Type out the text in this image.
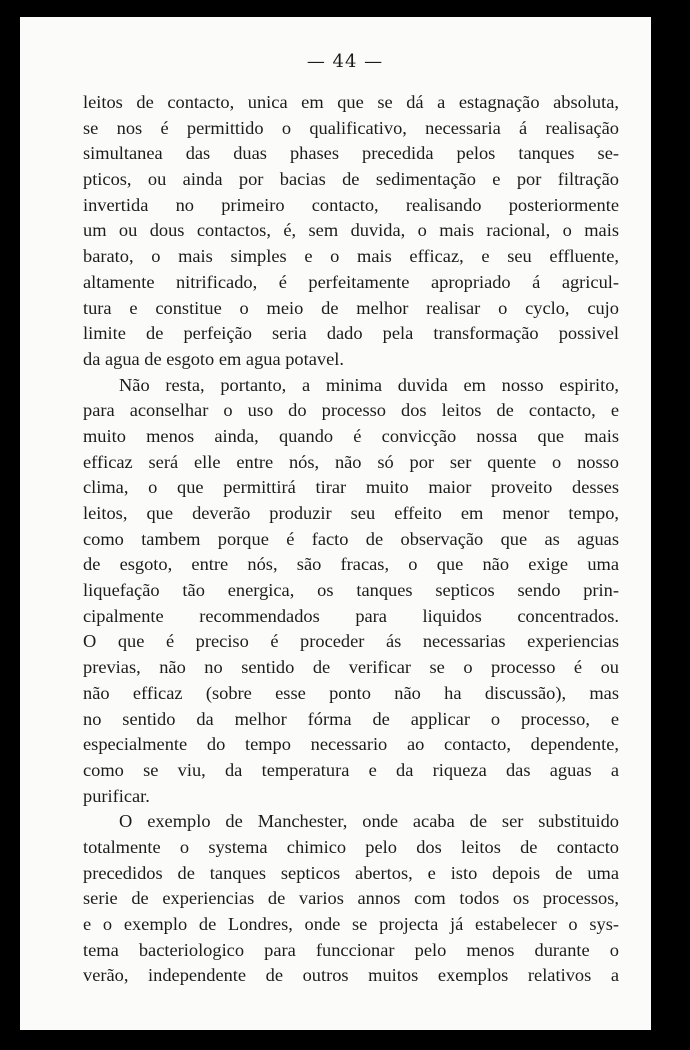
— 44 —

leitos de contacto, unica em que se dá a estagnação absoluta,
se nos é permittido o qualificativo, necessaria á realisação
simultanea das duas phases precedida pelos tanques se-
pticos, ou ainda por bacias de sedimentação e por filtração
invertida no primeiro contacto, realisando posteriormente
um ou dous contactos, é, sem duvida, o mais racional, o mais
barato, o mais simples e o mais efficaz, e seu effluente,
altamente nitrificado, é perfeitamente apropriado á agricul-
tura e constitue o meio de melhor realisar o cyclo, cujo
limite de perfeição seria dado pela transformação possivel
da agua de esgoto em agua potavel.

Não resta, portanto, a minima duvida em nosso espirito,
para aconselhar o uso do processo dos leitos de contacto, e
muito menos ainda, quando é convicção nossa que mais
efficaz será elle entre nós, não só por ser quente o nosso
clima, o que permittirá tirar muito maior proveito desses
leitos, que deverão produzir seu effeito em menor tempo,
como tambem porque é facto de observação que as aguas
de esgoto, entre nós, são fracas, o que não exige uma
liquefação tão energica, os tanques septicos sendo prin-
cipalmente recommendados para liquidos concentrados.
O que é preciso é proceder ás necessarias experiencias
previas, não no sentido de verificar se o processo é ou
não efficaz (sobre esse ponto não ha discussão), mas
no sentido da melhor fórma de applicar o processo, e
especialmente do tempo necessario ao contacto, dependente,
como se viu, da temperatura e da riqueza das aguas a
purificar.

O exemplo de Manchester, onde acaba de ser substituido
totalmente o systema chimico pelo dos leitos de contacto
precedidos de tanques septicos abertos, e isto depois de uma
serie de experiencias de varios annos com todos os processos,
e o exemplo de Londres, onde se projecta já estabelecer o sys-
tema bacteriologico para funccionar pelo menos durante o
verão, independente de outros muitos exemplos relativos a
